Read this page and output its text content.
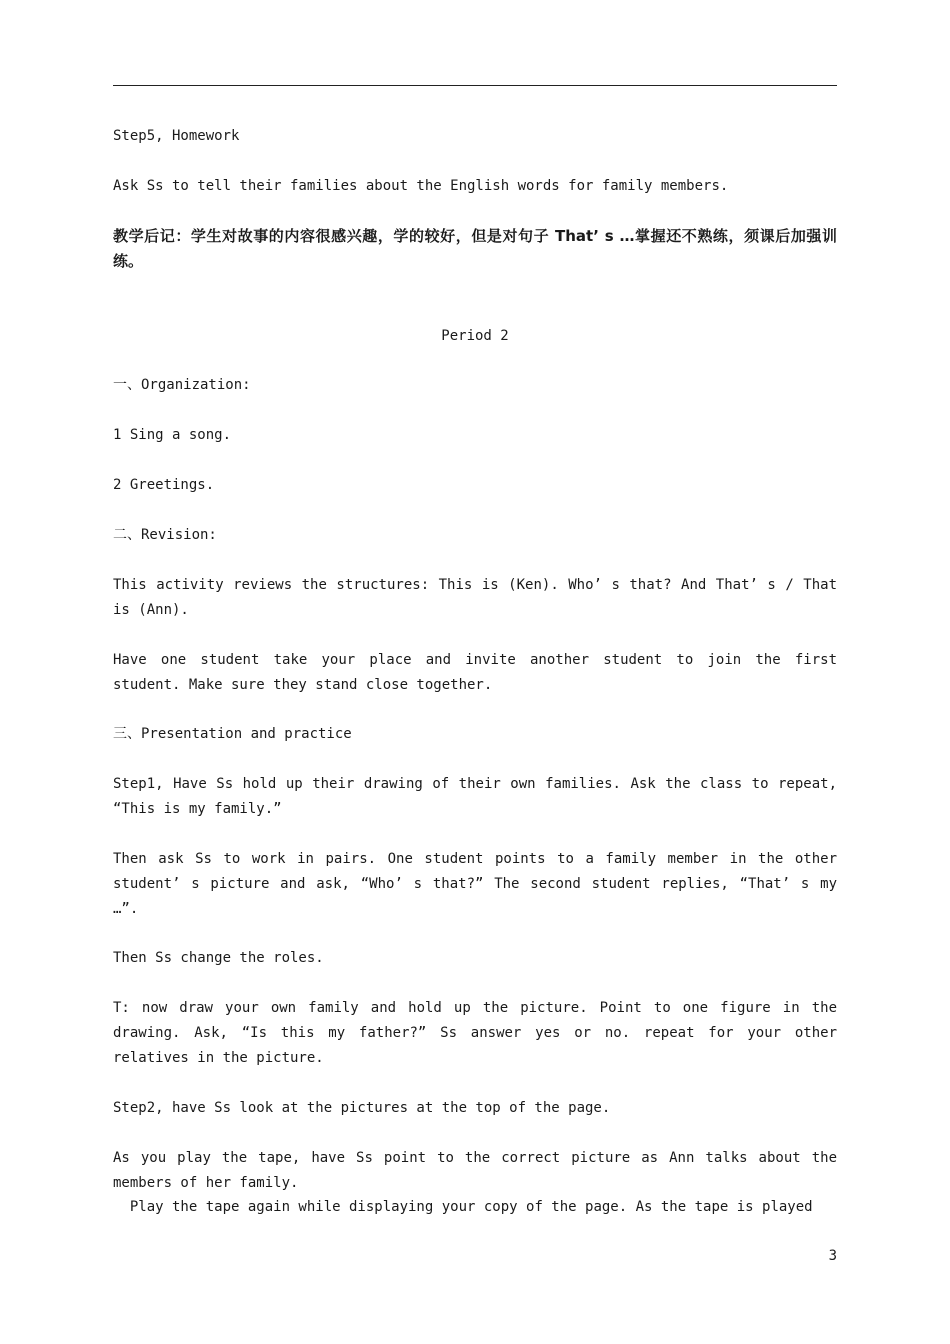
Step5, Homework

Ask Ss to tell their families about the English words for family members.

教学后记：学生对故事的内容很感兴趣，学的较好，但是对句子 That’ s …掌握还不熟练，须课后加强训练。

Period 2

一、Organization:

1 Sing a song.

2 Greetings.

二、Revision:

This activity reviews the structures: This is (Ken). Who’ s that? And That’ s / That is (Ann).

Have one student take your place and invite another student to join the first student. Make sure they stand close together.

三、Presentation and practice

Step1, Have Ss hold up their drawing of their own families. Ask the class to repeat, “This is my family.”

Then ask Ss to work in pairs. One student points to a family member in the other student’ s picture and ask, “Who’ s that?” The second student replies, “That’ s my …”.

Then Ss change the roles.

T: now draw your own family and hold up the picture. Point to one figure in the drawing. Ask, “Is this my father?” Ss answer yes or no. repeat for your other relatives in the picture.

Step2, have Ss look at the pictures at the top of the page.

As you play the tape, have Ss point to the correct picture as Ann talks about the members of her family.

Play the tape again while displaying your copy of the page. As the tape is played

3
